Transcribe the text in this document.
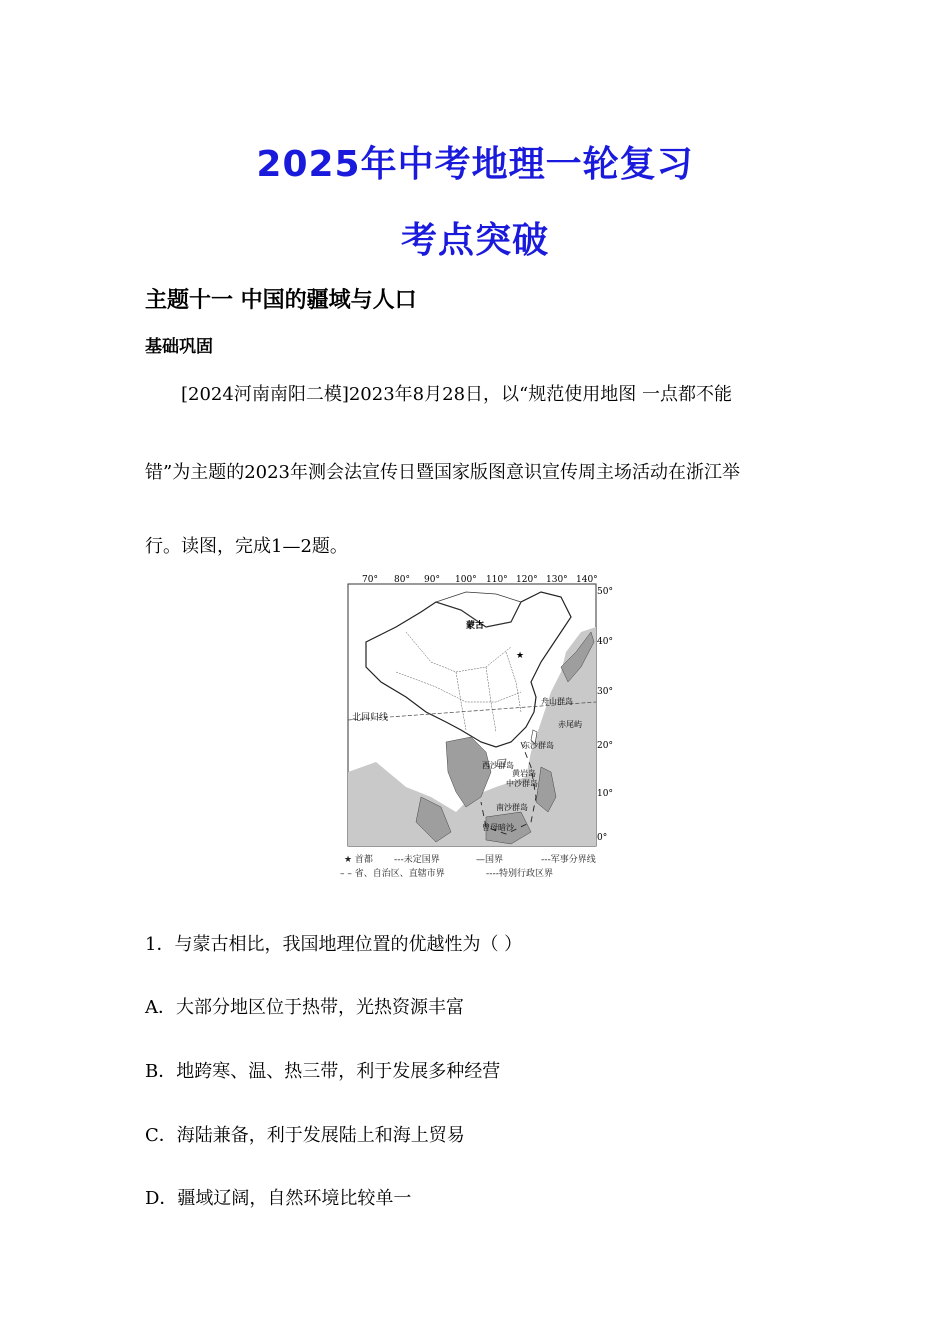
2025年中考地理一轮复习
考点突破
主题十一 中国的疆域与人口
基础巩固
[2024河南南阳二模]2023年8月28日，以“规范使用地图 一点都不能
错”为主题的2023年测会法宣传日暨国家版图意识宣传周主场活动在浙江举
行。读图，完成1—2题。
★
70° 80° 90° 100° 110° 120° 130° 140°
50°
40°
30°
20°
10°
0°
蒙古
北回归线
舟山群岛
赤尾屿
东沙群岛
西沙群岛
黄岩岛
中沙群岛
南沙群岛
曾母暗沙
★ 首都 ---未定国界	—国界	---军事分界线
– – 省、自治区、直辖市界	----特别行政区界
1．与蒙古相比，我国地理位置的优越性为（ ）
A．大部分地区位于热带，光热资源丰富
B．地跨寒、温、热三带，利于发展多种经营
C．海陆兼备，利于发展陆上和海上贸易
D．疆域辽阔，自然环境比较单一
